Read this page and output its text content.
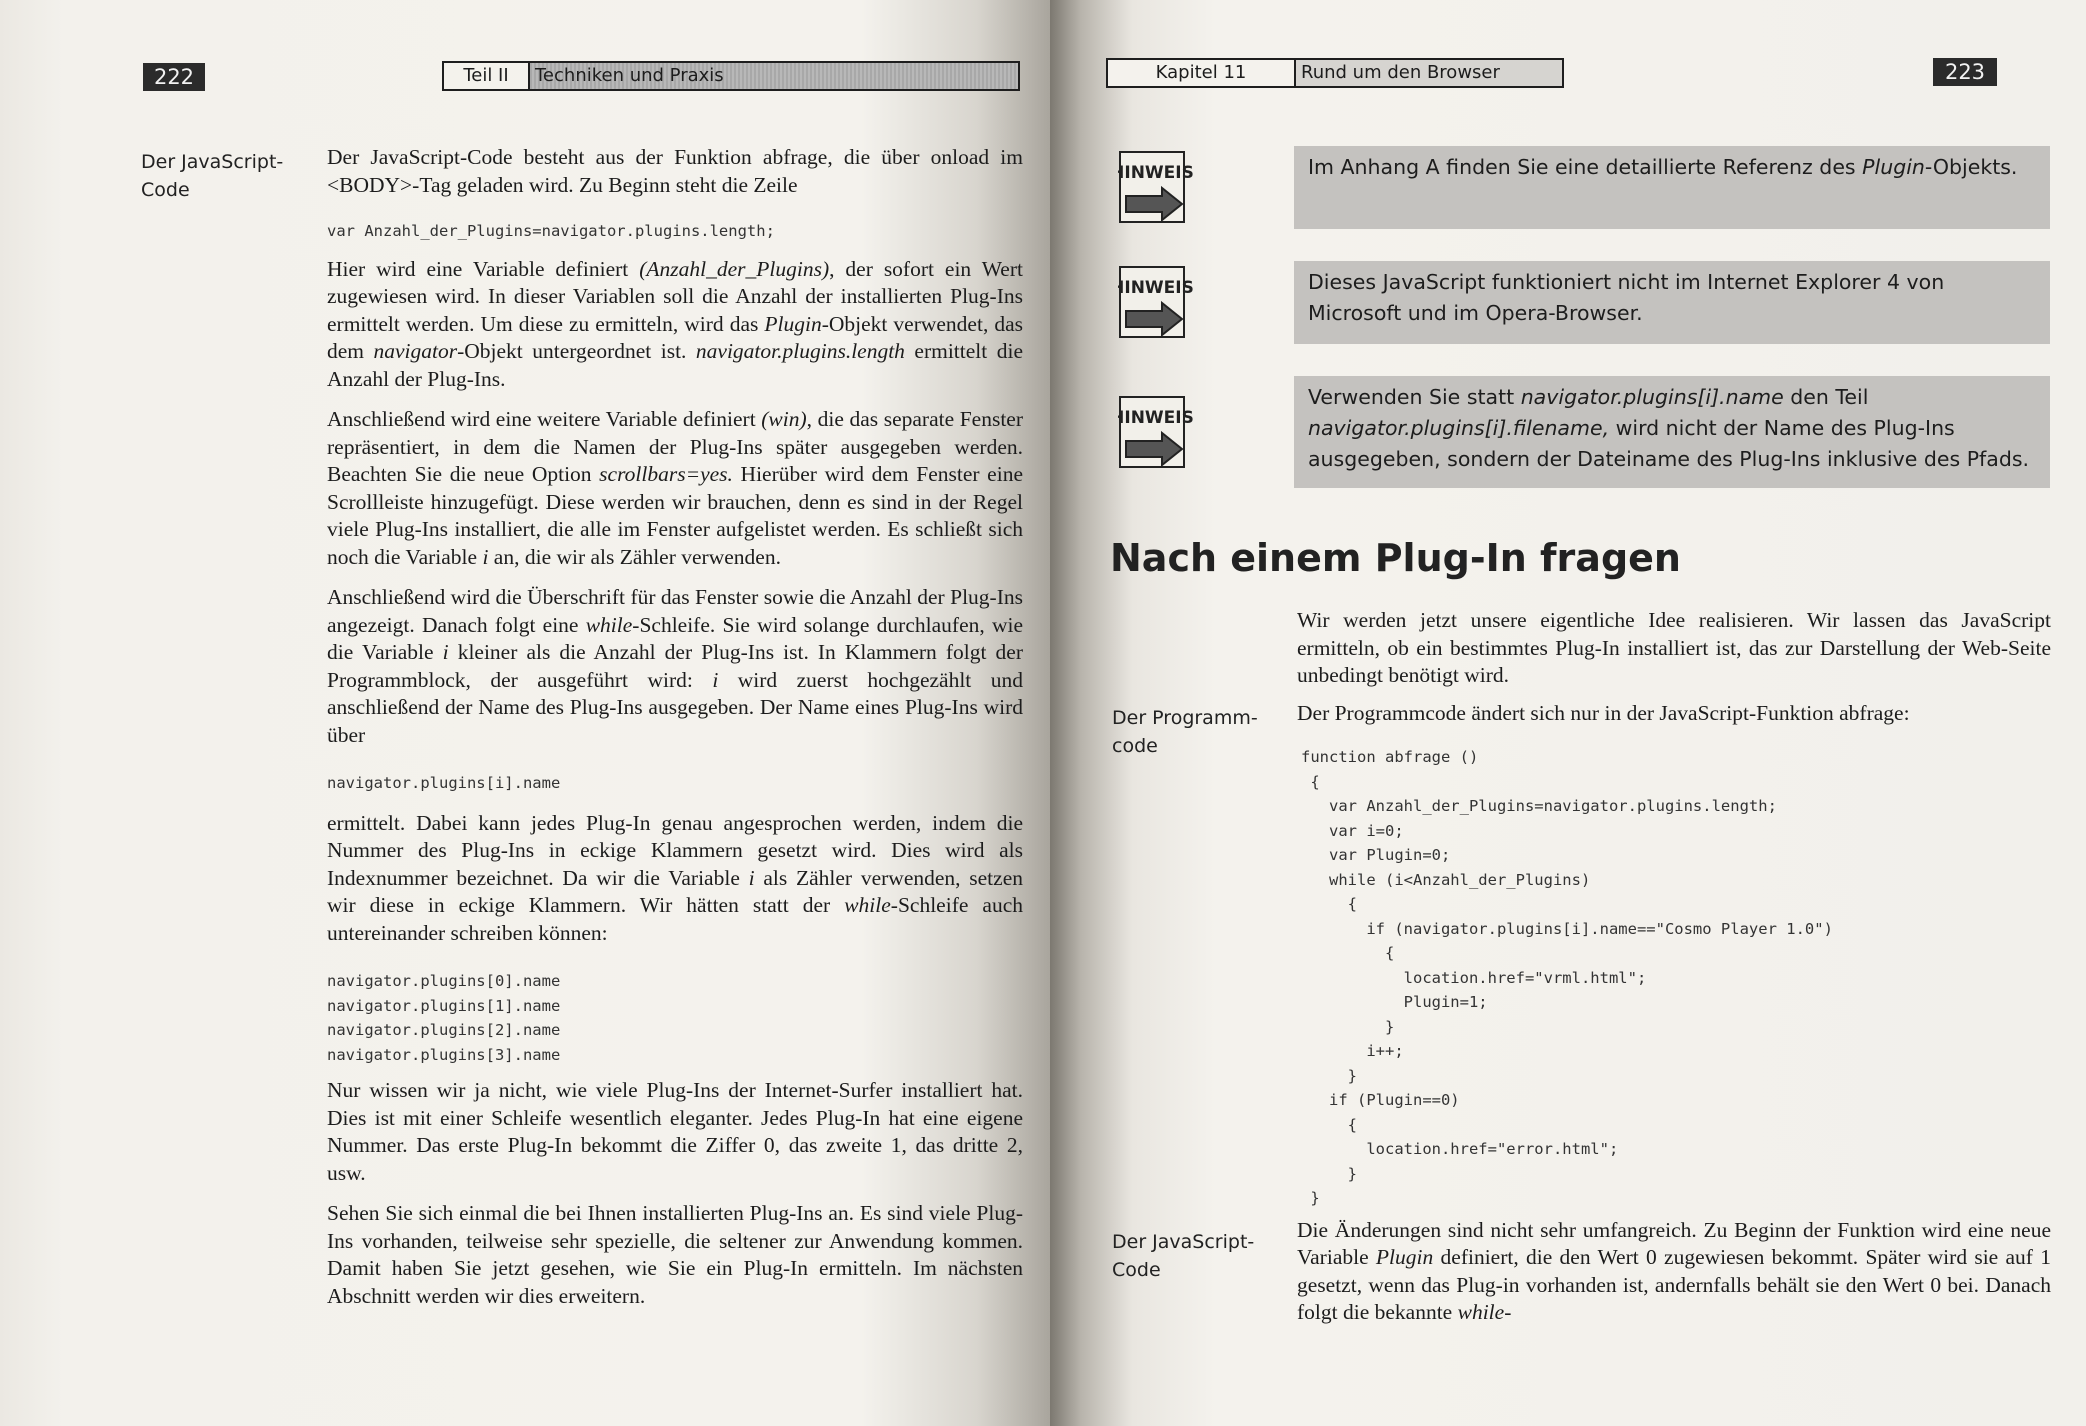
222	Teil II	Techniken und Praxis
Der JavaScript-
Code

Der JavaScript-Code besteht aus der Funktion abfrage, die über onload im <BODY>-Tag geladen wird. Zu Beginn steht die Zeile

var Anzahl_der_Plugins=navigator.plugins.length;

Hier wird eine Variable definiert (Anzahl_der_Plugins), der sofort ein Wert zugewiesen wird. In dieser Variablen soll die Anzahl der installierten Plug-Ins ermittelt werden. Um diese zu ermitteln, wird das Plugin-Objekt verwendet, das dem navigator-Objekt untergeordnet ist. navigator.plugins.length ermittelt die Anzahl der Plug-Ins.

Anschließend wird eine weitere Variable definiert (win), die das separate Fenster repräsentiert, in dem die Namen der Plug-Ins später ausgegeben werden. Beachten Sie die neue Option scrollbars=yes. Hierüber wird dem Fenster eine Scrollleiste hinzugefügt. Diese werden wir brauchen, denn es sind in der Regel viele Plug-Ins installiert, die alle im Fenster aufgelistet werden. Es schließt sich noch die Variable i an, die wir als Zähler verwenden.

Anschließend wird die Überschrift für das Fenster sowie die Anzahl der Plug-Ins angezeigt. Danach folgt eine while-Schleife. Sie wird solange durchlaufen, wie die Variable i kleiner als die Anzahl der Plug-Ins ist. In Klammern folgt der Programmblock, der ausgeführt wird: i wird zuerst hochgezählt und anschließend der Name des Plug-Ins ausgegeben. Der Name eines Plug-Ins wird über

navigator.plugins[i].name

ermittelt. Dabei kann jedes Plug-In genau angesprochen werden, indem die Nummer des Plug-Ins in eckige Klammern gesetzt wird. Dies wird als Indexnummer bezeichnet. Da wir die Variable i als Zähler verwenden, setzen wir diese in eckige Klammern. Wir hätten statt der while-Schleife auch untereinander schreiben können:

navigator.plugins[0].name
navigator.plugins[1].name
navigator.plugins[2].name
navigator.plugins[3].name

Nur wissen wir ja nicht, wie viele Plug-Ins der Internet-Surfer installiert hat. Dies ist mit einer Schleife wesentlich eleganter. Jedes Plug-In hat eine eigene Nummer. Das erste Plug-In bekommt die Ziffer 0, das zweite 1, das dritte 2, usw.

Sehen Sie sich einmal die bei Ihnen installierten Plug-Ins an. Es sind viele Plug-Ins vorhanden, teilweise sehr spezielle, die seltener zur Anwendung kommen. Damit haben Sie jetzt gesehen, wie Sie ein Plug-In ermitteln. Im nächsten Abschnitt werden wir dies erweitern.

Kapitel 11	Rund um den Browser	223
HINWEIS
HINWEIS
HINWEIS
Im Anhang A finden Sie eine detaillierte Referenz des Plugin-Objekts.
Dieses JavaScript funktioniert nicht im Internet Explorer 4 von Microsoft und im Opera-Browser.
Verwenden Sie statt navigator.plugins[i].name den Teil navigator.plugins[i].filename, wird nicht der Name des Plug-Ins ausgegeben, sondern der Dateiname des Plug-Ins inklusive des Pfads.
Nach einem Plug-In fragen

Wir werden jetzt unsere eigentliche Idee realisieren. Wir lassen das JavaScript ermitteln, ob ein bestimmtes Plug-In installiert ist, das zur Darstellung der Web-Seite unbedingt benötigt wird.

Der Programmcode ändert sich nur in der JavaScript-Funktion abfrage:

function abfrage ()
{
var Anzahl_der_Plugins=navigator.plugins.length;
var i=0;
var Plugin=0;
while (i<Anzahl_der_Plugins)
{
if (navigator.plugins[i].name=="Cosmo Player 1.0")
{
location.href="vrml.html";
Plugin=1;
}
i++;
}
if (Plugin==0)
{
location.href="error.html";
}
}

Die Änderungen sind nicht sehr umfangreich. Zu Beginn der Funktion wird eine neue Variable Plugin definiert, die den Wert 0 zugewiesen bekommt. Später wird sie auf 1 gesetzt, wenn das Plug-in vorhanden ist, andernfalls behält sie den Wert 0 bei. Danach folgt die bekannte while-

Der Programm-
code
Der JavaScript-
Code
